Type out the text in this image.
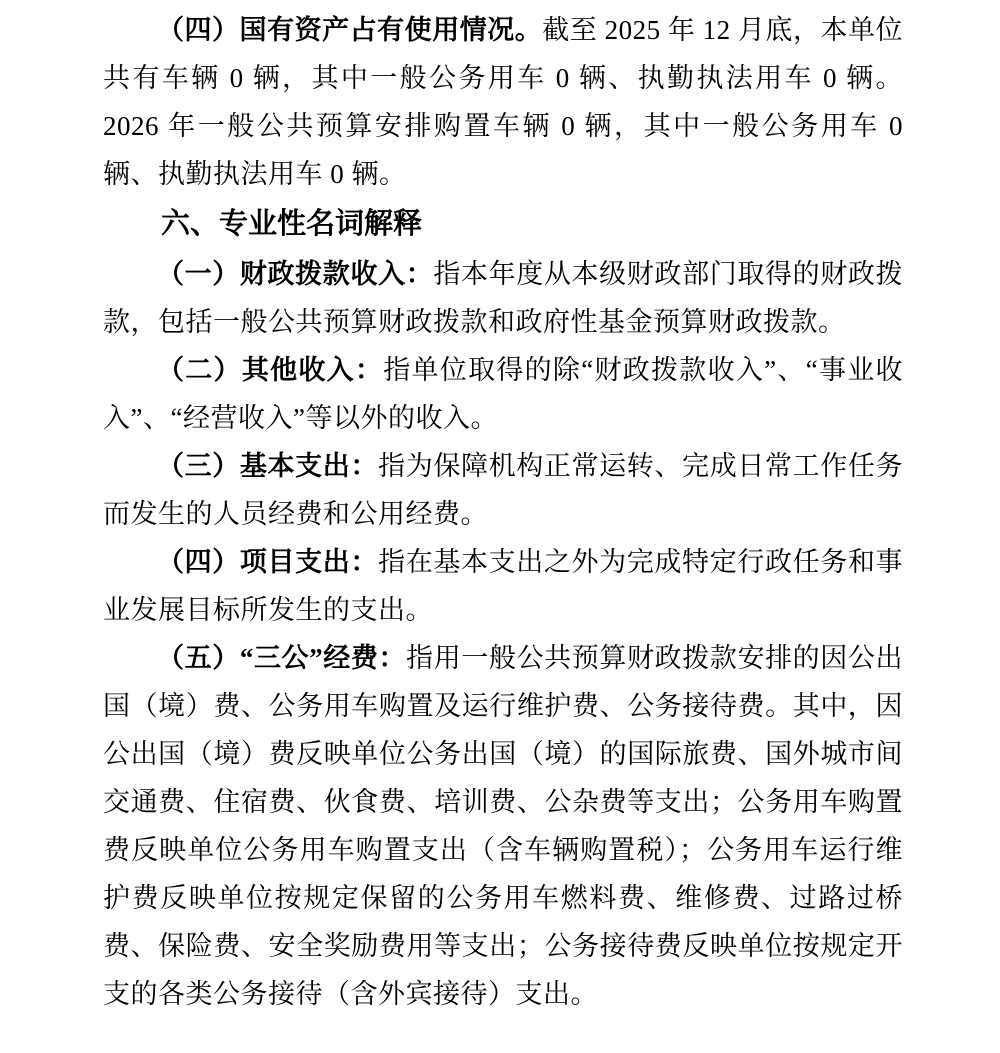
（四）国有资产占有使用情况。截至 2025 年 12 月底，本单位共有车辆 0 辆，其中一般公务用车 0 辆、执勤执法用车 0 辆。2026 年一般公共预算安排购置车辆 0 辆，其中一般公务用车 0 辆、执勤执法用车 0 辆。

六、专业性名词解释

（一）财政拨款收入：指本年度从本级财政部门取得的财政拨款，包括一般公共预算财政拨款和政府性基金预算财政拨款。

（二）其他收入：指单位取得的除“财政拨款收入”、“事业收入”、“经营收入”等以外的收入。

（三）基本支出：指为保障机构正常运转、完成日常工作任务而发生的人员经费和公用经费。

（四）项目支出：指在基本支出之外为完成特定行政任务和事业发展目标所发生的支出。

（五）“三公”经费：指用一般公共预算财政拨款安排的因公出国（境）费、公务用车购置及运行维护费、公务接待费。其中，因公出国（境）费反映单位公务出国（境）的国际旅费、国外城市间交通费、住宿费、伙食费、培训费、公杂费等支出；公务用车购置费反映单位公务用车购置支出（含车辆购置税）；公务用车运行维护费反映单位按规定保留的公务用车燃料费、维修费、过路过桥费、保险费、安全奖励费用等支出；公务接待费反映单位按规定开支的各类公务接待（含外宾接待）支出。
